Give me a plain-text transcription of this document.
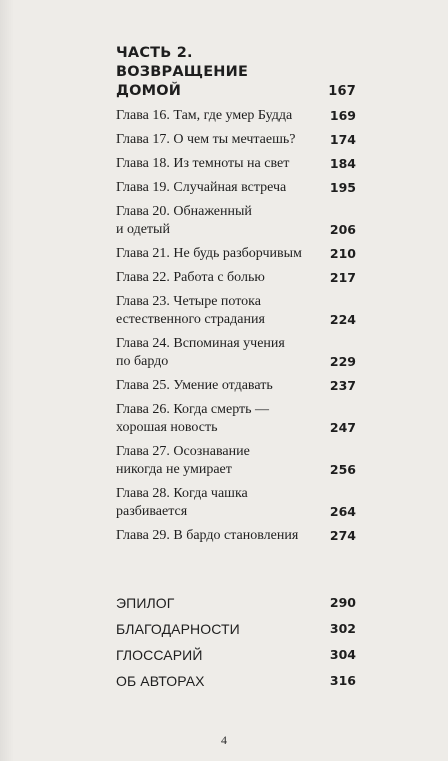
ЧАСТЬ 2.
ВОЗВРАЩЕНИЕ
ДОМОЙ	167
Глава 16. Там, где умер Будда	169
Глава 17. О чем ты мечтаешь?	174
Глава 18. Из темноты на свет	184
Глава 19. Случайная встреча	195
Глава 20. Обнаженный
и одетый	206
Глава 21. Не будь разборчивым	210
Глава 22. Работа с болью	217
Глава 23. Четыре потока
естественного страдания	224
Глава 24. Вспоминая учения
по бардо	229
Глава 25. Умение отдавать	237
Глава 26. Когда смерть —
хорошая новость	247
Глава 27. Осознавание
никогда не умирает	256
Глава 28. Когда чашка
разбивается	264
Глава 29. В бардо становления	274
ЭПИЛОГ	290
БЛАГОДАРНОСТИ	302
ГЛОССАРИЙ	304
ОБ АВТОРАХ	316
4
